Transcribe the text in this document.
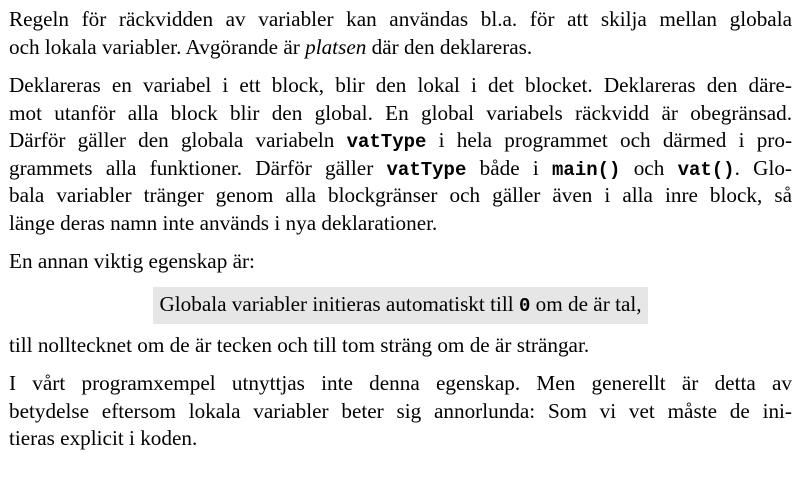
Regeln för räckvidden av variabler kan användas bl.a. för att skilja mellan globala
och lokala variabler. Avgörande är platsen där den deklareras.
Deklareras en variabel i ett block, blir den lokal i det blocket. Deklareras den däre-
mot utanför alla block blir den global. En global variabels räckvidd är obegränsad.
Därför gäller den globala variabeln vatType i hela programmet och därmed i pro-
grammets alla funktioner. Därför gäller vatType både i main() och vat(). Glo-
bala variabler tränger genom alla blockgränser och gäller även i alla inre block, så
länge deras namn inte används i nya deklarationer.
En annan viktig egenskap är:
Globala variabler initieras automatiskt till 0 om de är tal,
till nolltecknet om de är tecken och till tom sträng om de är strängar.
I vårt programxempel utnyttjas inte denna egenskap. Men generellt är detta av
betydelse eftersom lokala variabler beter sig annorlunda: Som vi vet måste de ini-
tieras explicit i koden.
